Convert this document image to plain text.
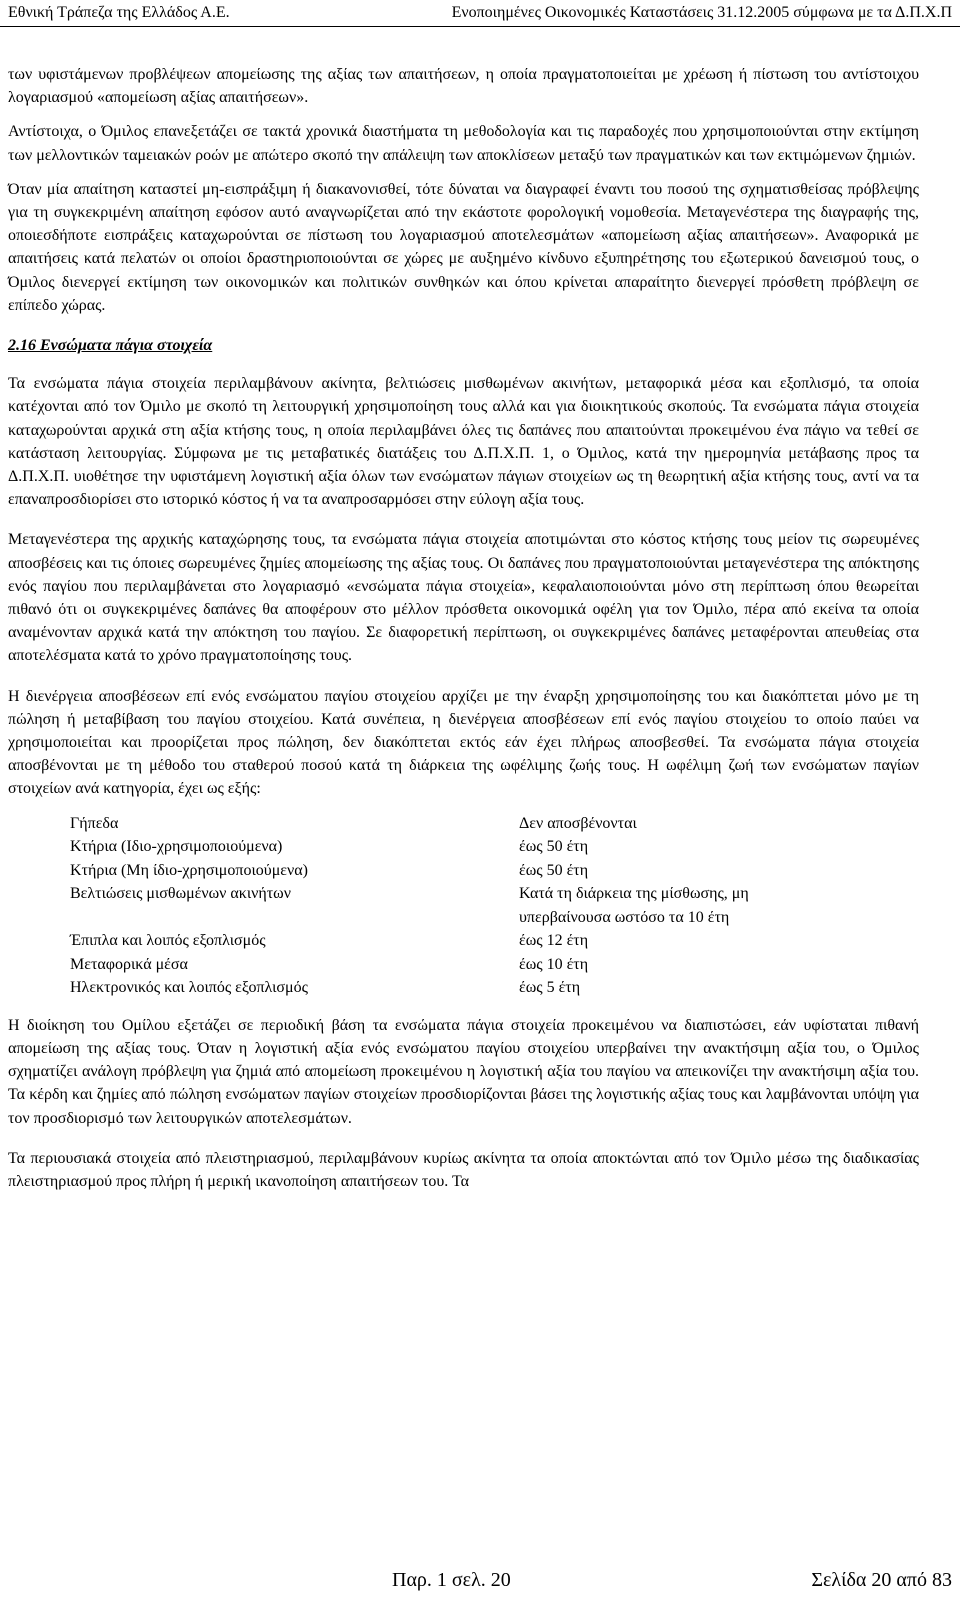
Εθνική Τράπεζα της Ελλάδος Α.Ε.	Ενοποιημένες Οικονομικές Καταστάσεις 31.12.2005 σύμφωνα με τα Δ.Π.Χ.Π

των υφιστάμενων προβλέψεων απομείωσης της αξίας των απαιτήσεων, η οποία πραγματοποιείται με χρέωση ή πίστωση του αντίστοιχου λογαριασμού «απομείωση αξίας απαιτήσεων».

Αντίστοιχα, ο Όμιλος επανεξετάζει σε τακτά χρονικά διαστήματα τη μεθοδολογία και τις παραδοχές που χρησιμοποιούνται στην εκτίμηση των μελλοντικών ταμειακών ροών με απώτερο σκοπό την απάλειψη των αποκλίσεων μεταξύ των πραγματικών και των εκτιμώμενων ζημιών.

Όταν μία απαίτηση καταστεί μη-εισπράξιμη ή διακανονισθεί, τότε δύναται να διαγραφεί έναντι του ποσού της σχηματισθείσας πρόβλεψης για τη συγκεκριμένη απαίτηση εφόσον αυτό αναγνωρίζεται από την εκάστοτε φορολογική νομοθεσία. Μεταγενέστερα της διαγραφής της, οποιεσδήποτε εισπράξεις καταχωρούνται σε πίστωση του λογαριασμού αποτελεσμάτων «απομείωση αξίας απαιτήσεων». Αναφορικά με απαιτήσεις κατά πελατών οι οποίοι δραστηριοποιούνται σε χώρες με αυξημένο κίνδυνο εξυπηρέτησης του εξωτερικού δανεισμού τους, ο Όμιλος διενεργεί εκτίμηση των οικονομικών και πολιτικών συνθηκών και όπου κρίνεται απαραίτητο διενεργεί πρόσθετη πρόβλεψη σε επίπεδο χώρας.

2.16 Ενσώματα πάγια στοιχεία

Τα ενσώματα πάγια στοιχεία περιλαμβάνουν ακίνητα, βελτιώσεις μισθωμένων ακινήτων, μεταφορικά μέσα και εξοπλισμό, τα οποία κατέχονται από τον Όμιλο με σκοπό τη λειτουργική χρησιμοποίηση τους αλλά και για διοικητικούς σκοπούς. Τα ενσώματα πάγια στοιχεία καταχωρούνται αρχικά στη αξία κτήσης τους, η οποία περιλαμβάνει όλες τις δαπάνες που απαιτούνται προκειμένου ένα πάγιο να τεθεί σε κατάσταση λειτουργίας. Σύμφωνα με τις μεταβατικές διατάξεις του Δ.Π.Χ.Π. 1, ο Όμιλος, κατά την ημερομηνία μετάβασης προς τα Δ.Π.Χ.Π. υιοθέτησε την υφιστάμενη λογιστική αξία όλων των ενσώματων πάγιων στοιχείων ως τη θεωρητική αξία κτήσης τους, αντί να τα επαναπροσδιορίσει στο ιστορικό κόστος ή να τα αναπροσαρμόσει στην εύλογη αξία τους.

Μεταγενέστερα της αρχικής καταχώρησης τους, τα ενσώματα πάγια στοιχεία αποτιμώνται στο κόστος κτήσης τους μείον τις σωρευμένες αποσβέσεις και τις όποιες σωρευμένες ζημίες απομείωσης της αξίας τους. Οι δαπάνες που πραγματοποιούνται μεταγενέστερα της απόκτησης ενός παγίου που περιλαμβάνεται στο λογαριασμό «ενσώματα πάγια στοιχεία», κεφαλαιοποιούνται μόνο στη περίπτωση όπου θεωρείται πιθανό ότι οι συγκεκριμένες δαπάνες θα αποφέρουν στο μέλλον πρόσθετα οικονομικά οφέλη για τον Όμιλο, πέρα από εκείνα τα οποία αναμένονταν αρχικά κατά την απόκτηση του παγίου. Σε διαφορετική περίπτωση, οι συγκεκριμένες δαπάνες μεταφέρονται απευθείας στα αποτελέσματα κατά το χρόνο πραγματοποίησης τους.

Η διενέργεια αποσβέσεων επί ενός ενσώματου παγίου στοιχείου αρχίζει με την έναρξη χρησιμοποίησης του και διακόπτεται μόνο με τη πώληση ή μεταβίβαση του παγίου στοιχείου. Κατά συνέπεια, η διενέργεια αποσβέσεων επί ενός παγίου στοιχείου το οποίο παύει να χρησιμοποιείται και προορίζεται προς πώληση, δεν διακόπτεται εκτός εάν έχει πλήρως αποσβεσθεί. Τα ενσώματα πάγια στοιχεία αποσβένονται με τη μέθοδο του σταθερού ποσού κατά τη διάρκεια της ωφέλιμης ζωής τους. Η ωφέλιμη ζωή των ενσώματων παγίων στοιχείων ανά κατηγορία, έχει ως εξής:

Γήπεδα	Δεν αποσβένονται
Κτήρια (Ιδιο-χρησιμοποιούμενα)	έως 50 έτη
Κτήρια (Μη ίδιο-χρησιμοποιούμενα)	έως 50 έτη
Βελτιώσεις μισθωμένων ακινήτων	Κατά τη διάρκεια της μίσθωσης, μη υπερβαίνουσα ωστόσο τα 10 έτη
Έπιπλα και λοιπός εξοπλισμός	έως 12 έτη
Μεταφορικά μέσα	έως 10 έτη
Ηλεκτρονικός και λοιπός εξοπλισμός	έως 5 έτη

Η διοίκηση του Ομίλου εξετάζει σε περιοδική βάση τα ενσώματα πάγια στοιχεία προκειμένου να διαπιστώσει, εάν υφίσταται πιθανή απομείωση της αξίας τους. Όταν η λογιστική αξία ενός ενσώματου παγίου στοιχείου υπερβαίνει την ανακτήσιμη αξία του, ο Όμιλος σχηματίζει ανάλογη πρόβλεψη για ζημιά από απομείωση προκειμένου η λογιστική αξία του παγίου να απεικονίζει την ανακτήσιμη αξία του. Τα κέρδη και ζημίες από πώληση ενσώματων παγίων στοιχείων προσδιορίζονται βάσει της λογιστικής αξίας τους και λαμβάνονται υπόψη για τον προσδιορισμό των λειτουργικών αποτελεσμάτων.

Τα περιουσιακά στοιχεία από πλειστηριασμού, περιλαμβάνουν κυρίως ακίνητα τα οποία αποκτώνται από τον Όμιλο μέσω της διαδικασίας πλειστηριασμού προς πλήρη ή μερική ικανοποίηση απαιτήσεων του. Τα

Παρ. 1 σελ. 20	Σελίδα 20 από 83
